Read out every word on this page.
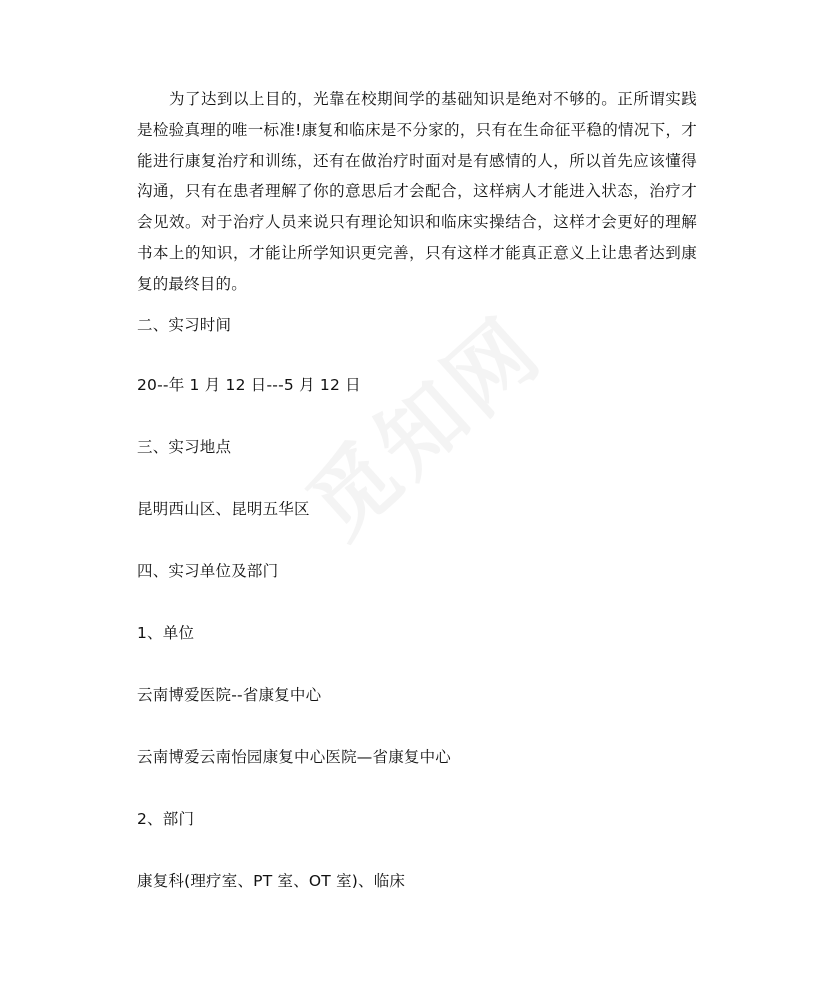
为了达到以上目的，光靠在校期间学的基础知识是绝对不够的。正所谓实践是检验真理的唯一标准!康复和临床是不分家的，只有在生命征平稳的情况下，才能进行康复治疗和训练，还有在做治疗时面对是有感情的人，所以首先应该懂得沟通，只有在患者理解了你的意思后才会配合，这样病人才能进入状态，治疗才会见效。对于治疗人员来说只有理论知识和临床实操结合，这样才会更好的理解书本上的知识，才能让所学知识更完善，只有这样才能真正意义上让患者达到康复的最终目的。

二、实习时间

20--年 1 月 12 日---5 月 12 日

三、实习地点

昆明西山区、昆明五华区

四、实习单位及部门

1、单位

云南博爱医院--省康复中心

云南博爱云南怡园康复中心医院—省康复中心

2、部门

康复科(理疗室、PT 室、OT 室)、临床
